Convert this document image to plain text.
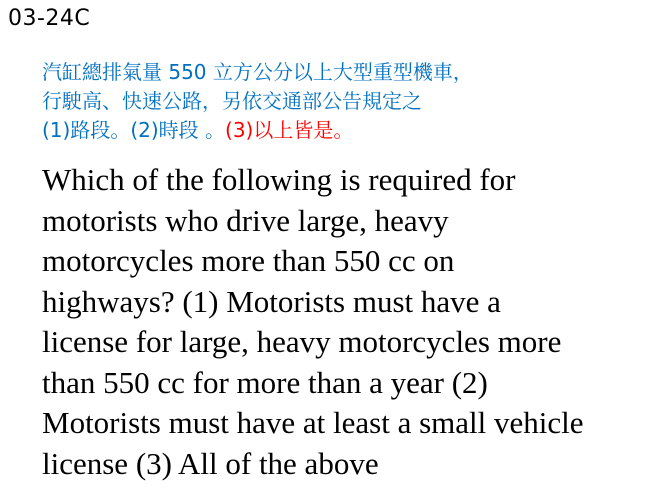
03-24C
汽缸總排氣量 550 立方公分以上大型重型機車，
行駛高、快速公路，另依交通部公告規定之
(1)路段。(2)時段 。(3)以上皆是。
Which of the following is required for
motorists who drive large, heavy
motorcycles more than 550 cc on
highways? (1) Motorists must have a
license for large, heavy motorcycles more
than 550 cc for more than a year (2)
Motorists must have at least a small vehicle
license (3) All of the above
